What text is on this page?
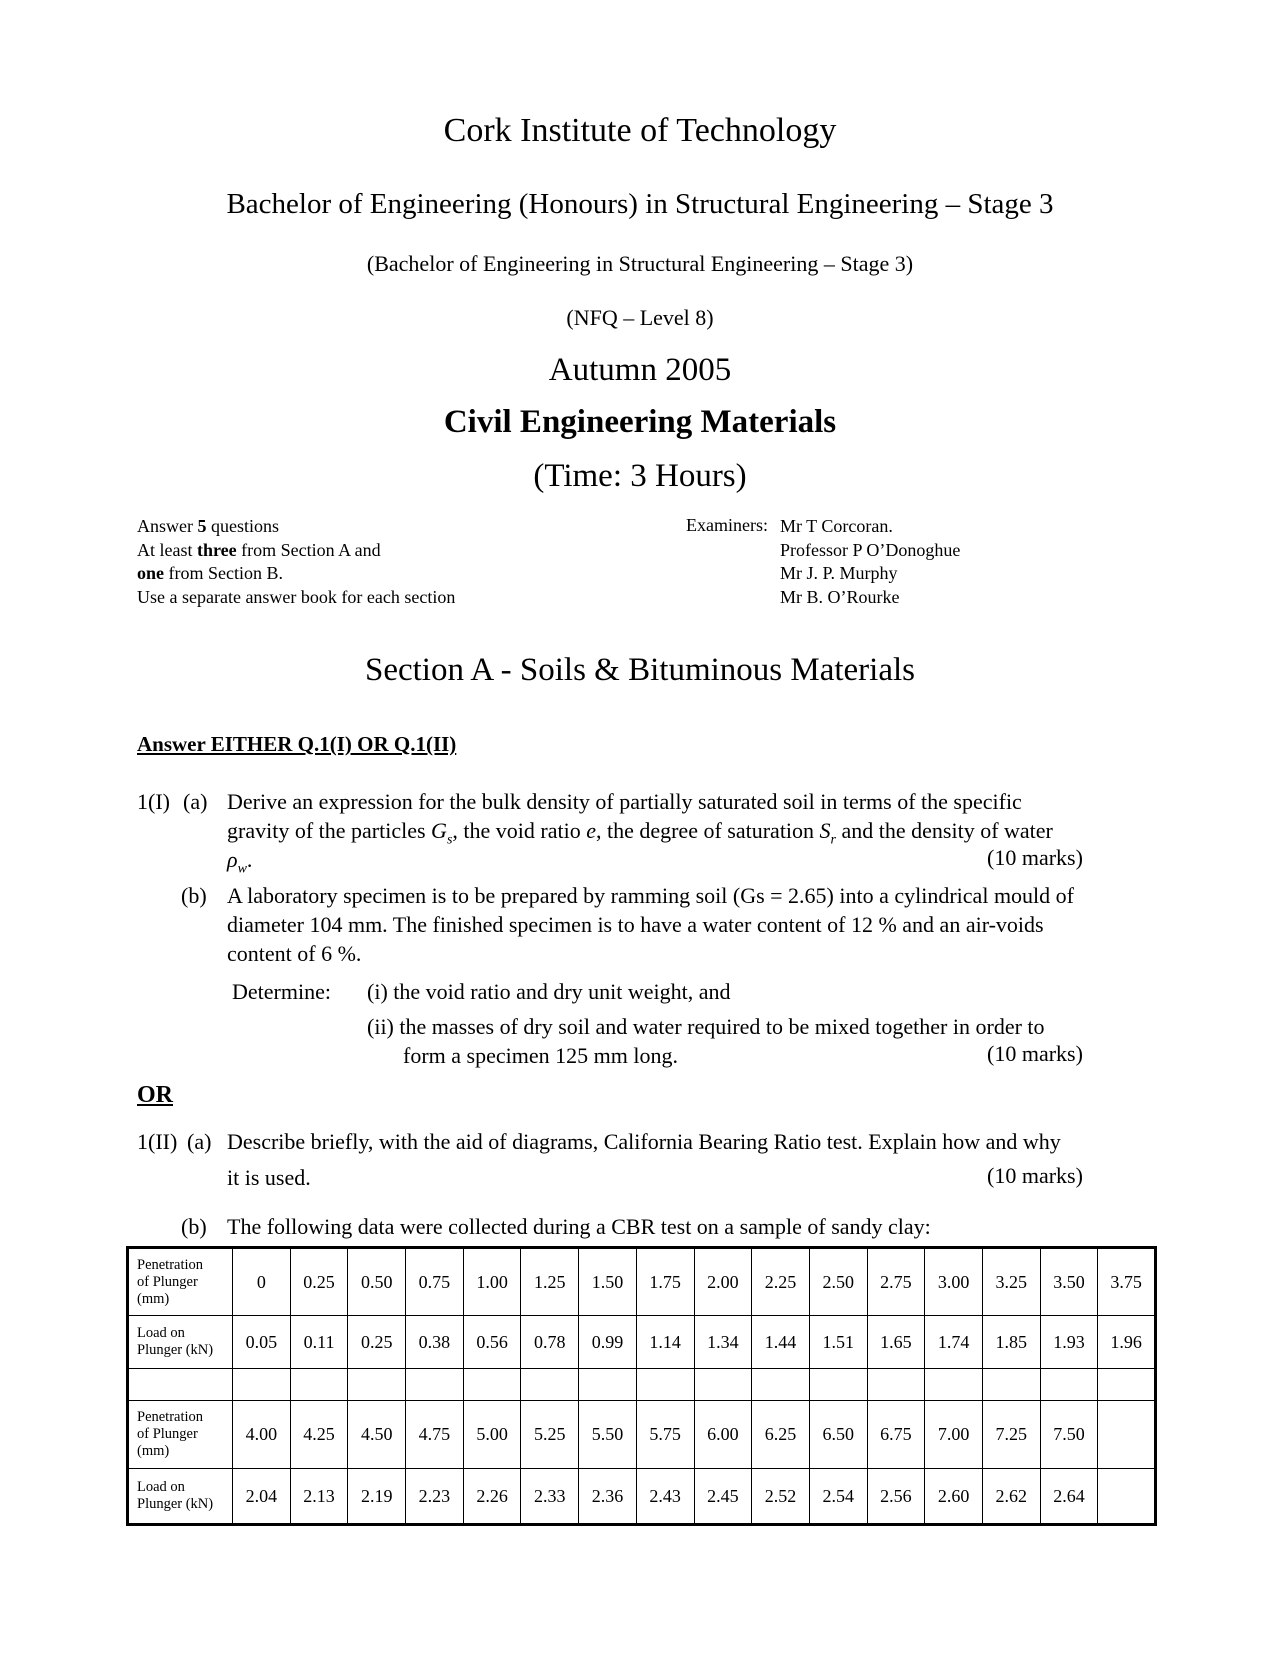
Cork Institute of Technology
Bachelor of Engineering (Honours) in Structural Engineering – Stage 3
(Bachelor of Engineering in Structural Engineering – Stage 3)
(NFQ – Level 8)
Autumn 2005
Civil Engineering Materials
(Time: 3 Hours)
Answer 5 questions
At least three from Section A and
one from Section B.
Use a separate answer book for each section
Examiners: Mr T Corcoran.
Professor P O’Donoghue
Mr J. P. Murphy
Mr B. O’Rourke
Section A - Soils & Bituminous Materials
Answer EITHER Q.1(I) OR Q.1(II)
1(I) (a) Derive an expression for the bulk density of partially saturated soil in terms of the specific
gravity of the particles $G_s$, the void ratio e, the degree of saturation $S_r$ and the density of water
$\rho_w$.	(10 marks)
(b) A laboratory specimen is to be prepared by ramming soil (Gs = 2.65) into a cylindrical mould of
diameter 104 mm. The finished specimen is to have a water content of 12 % and an air-voids
content of 6 %.
Determine: (i) the void ratio and dry unit weight, and
(ii) the masses of dry soil and water required to be mixed together in order to
form a specimen 125 mm long.	(10 marks)
OR
1(II) (a) Describe briefly, with the aid of diagrams, California Bearing Ratio test. Explain how and why
it is used.	(10 marks)
(b) The following data were collected during a CBR test on a sample of sandy clay:
Penetration
of Plunger
(mm)	0	0.25	0.50	0.75	1.00	1.25	1.50	1.75	2.00	2.25	2.50	2.75	3.00	3.25	3.50	3.75

Load on
Plunger (kN)	0.05	0.11	0.25	0.38	0.56	0.78	0.99	1.14	1.34	1.44	1.51	1.65	1.74	1.85	1.93	1.96

Penetration
of Plunger
(mm)	4.00	4.25	4.50	4.75	5.00	5.25	5.50	5.75	6.00	6.25	6.50	6.75	7.00	7.25	7.50	

Load on
Plunger (kN)	2.04	2.13	2.19	2.23	2.26	2.33	2.36	2.43	2.45	2.52	2.54	2.56	2.60	2.62	2.64	
